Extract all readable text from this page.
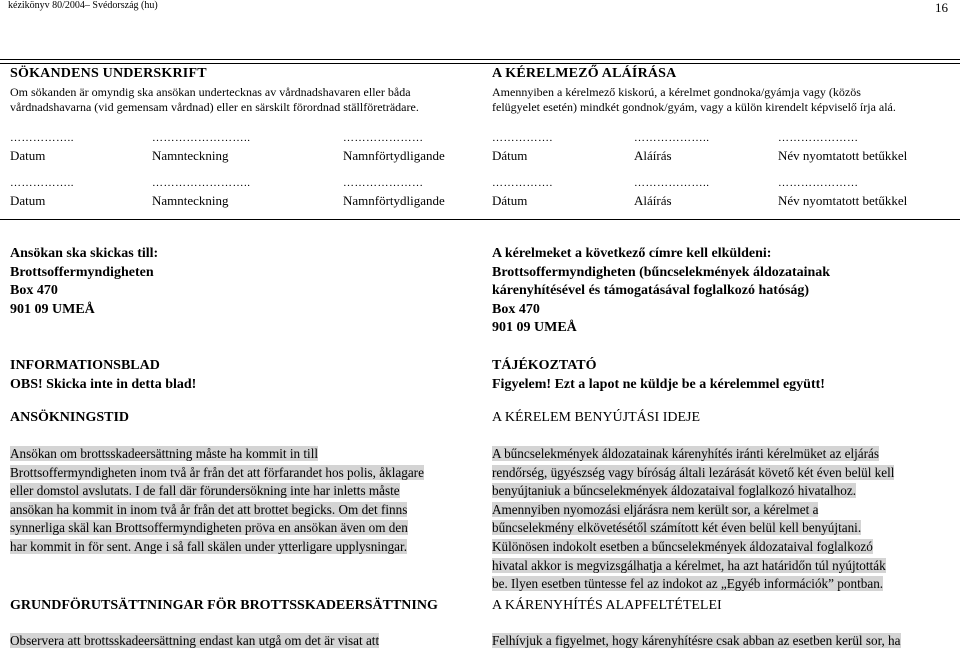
kézikönyv 80/2004– Svédország (hu)	16
SÖKANDENS UNDERSKRIFT
Om sökanden är omyndig ska ansökan undertecknas av vårdnadshavaren eller båda
vårdnadshavarna (vid gemensam vårdnad) eller en särskilt förordnad ställföreträdare.
……………..	……………………..	…………………
Datum	Namnteckning	Namnförtydligande
……………..	……………………..	…………………
Datum	Namnteckning	Namnförtydligande
A KÉRELMEZŐ ALÁÍRÁSA
Amennyiben a kérelmező kiskorú, a kérelmet gondnoka/gyámja vagy (közös
felügyelet esetén) mindkét gondnok/gyám, vagy a külön kirendelt képviselő írja alá.
…………….	………………..	…………………
Dátum	Aláírás	Név nyomtatott betűkkel
…………….	………………..	…………………
Dátum	Aláírás	Név nyomtatott betűkkel
Ansökan ska skickas till:
Brottsoffermyndigheten
Box 470
901 09 UMEÅ
INFORMATIONSBLAD
OBS! Skicka inte in detta blad!
ANSÖKNINGSTID
Ansökan om brottsskadeersättning måste ha kommit in till Brottsoffermyndigheten inom två år från det att förfarandet hos polis, åklagare eller domstol avslutats. I de fall där förundersökning inte har inletts måste ansökan ha kommit in inom två år från det att brottet begicks. Om det finns synnerliga skäl kan Brottsoffermyndigheten pröva en ansökan även om den har kommit in för sent. Ange i så fall skälen under ytterligare upplysningar.
GRUNDFÖRUTSÄTTNINGAR FÖR BROTTSSKADEERSÄTTNING
Observera att brottsskadeersättning endast kan utgå om det är visat att
A kérelmeket a következő címre kell elküldeni:
Brottsoffermyndigheten (bűncselekmények áldozatainak
kárenyhítésével és támogatásával foglalkozó hatóság)
Box 470
901 09 UMEÅ
TÁJÉKOZTATÓ
Figyelem! Ezt a lapot ne küldje be a kérelemmel együtt!
A KÉRELEM BENYÚJTÁSI IDEJE
A bűncselekmények áldozatainak kárenyhítés iránti kérelmüket az eljárás rendőrség, ügyészség vagy bíróság általi lezárását követő két éven belül kell benyújtaniuk a bűncselekmények áldozataival foglalkozó hivatalhoz. Amennyiben nyomozási eljárásra nem került sor, a kérelmet a bűncselekmény elkövetésétől számított két éven belül kell benyújtani. Különösen indokolt esetben a bűncselekmények áldozataival foglalkozó hivatal akkor is megvizsgálhatja a kérelmet, ha azt határidőn túl nyújtották be. Ilyen esetben tüntesse fel az indokot az „Egyéb információk” pontban.
A KÁRENYHÍTÉS ALAPFELTÉTELEI
Felhívjuk a figyelmet, hogy kárenyhítésre csak abban az esetben kerül sor, ha
